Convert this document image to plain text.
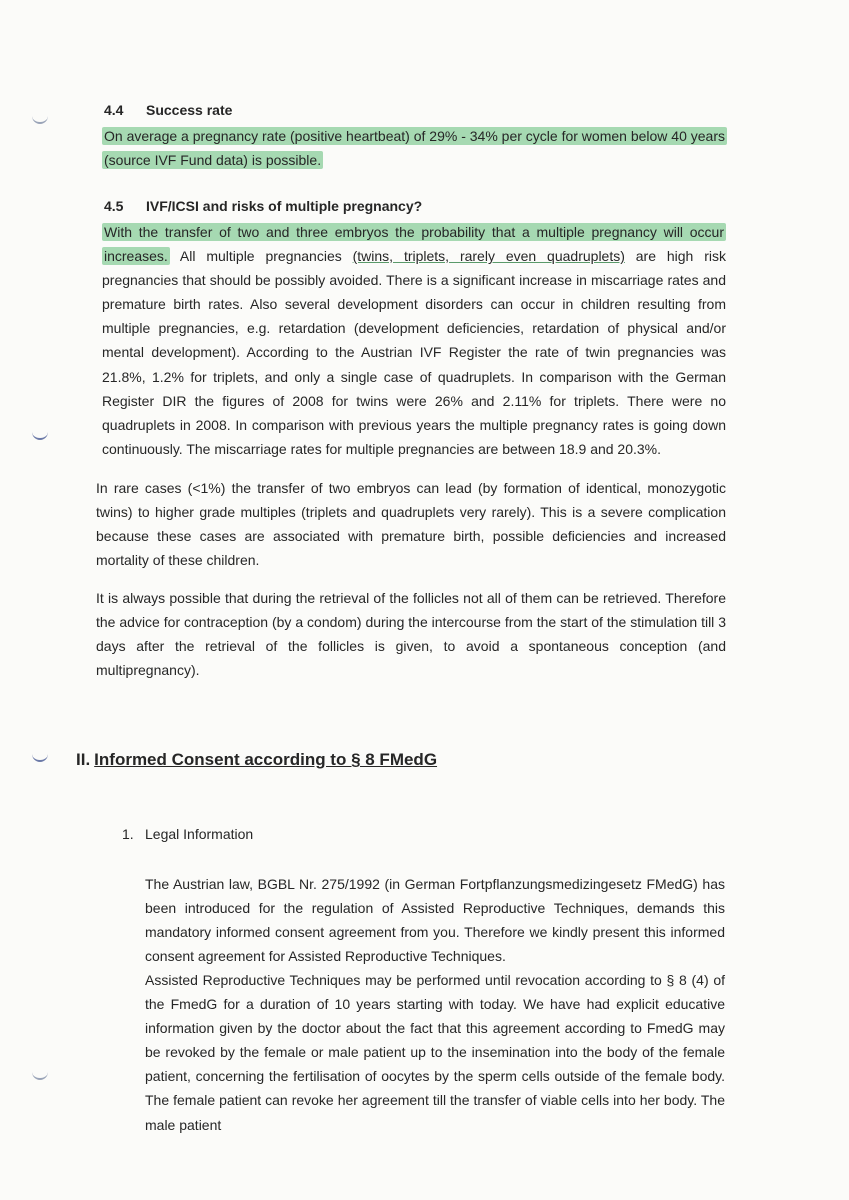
4.4 Success rate

On average a pregnancy rate (positive heartbeat) of 29% - 34% per cycle for women below 40 years (source IVF Fund data) is possible.

4.5 IVF/ICSI and risks of multiple pregnancy?

With the transfer of two and three embryos the probability that a multiple pregnancy will occur increases. All multiple pregnancies (twins, triplets, rarely even quadruplets) are high risk pregnancies that should be possibly avoided. There is a significant increase in miscarriage rates and premature birth rates. Also several development disorders can occur in children resulting from multiple pregnancies, e.g. retardation (development deficiencies, retardation of physical and/or mental development). According to the Austrian IVF Register the rate of twin pregnancies was 21.8%, 1.2% for triplets, and only a single case of quadruplets. In comparison with the German Register DIR the figures of 2008 for twins were 26% and 2.11% for triplets. There were no quadruplets in 2008. In comparison with previous years the multiple pregnancy rates is going down continuously. The miscarriage rates for multiple pregnancies are between 18.9 and 20.3%.

In rare cases (<1%) the transfer of two embryos can lead (by formation of identical, monozygotic twins) to higher grade multiples (triplets and quadruplets very rarely). This is a severe complication because these cases are associated with premature birth, possible deficiencies and increased mortality of these children.

It is always possible that during the retrieval of the follicles not all of them can be retrieved. Therefore the advice for contraception (by a condom) during the intercourse from the start of the stimulation till 3 days after the retrieval of the follicles is given, to avoid a spontaneous conception (and multipregnancy).

II. Informed Consent according to § 8 FMedG

1. Legal Information

The Austrian law, BGBL Nr. 275/1992 (in German Fortpflanzungsmedizingesetz FMedG) has been introduced for the regulation of Assisted Reproductive Techniques, demands this mandatory informed consent agreement from you. Therefore we kindly present this informed consent agreement for Assisted Reproductive Techniques.

Assisted Reproductive Techniques may be performed until revocation according to § 8 (4) of the FmedG for a duration of 10 years starting with today. We have had explicit educative information given by the doctor about the fact that this agreement according to FmedG may be revoked by the female or male patient up to the insemination into the body of the female patient, concerning the fertilisation of oocytes by the sperm cells outside of the female body. The female patient can revoke her agreement till the transfer of viable cells into her body. The male patient
